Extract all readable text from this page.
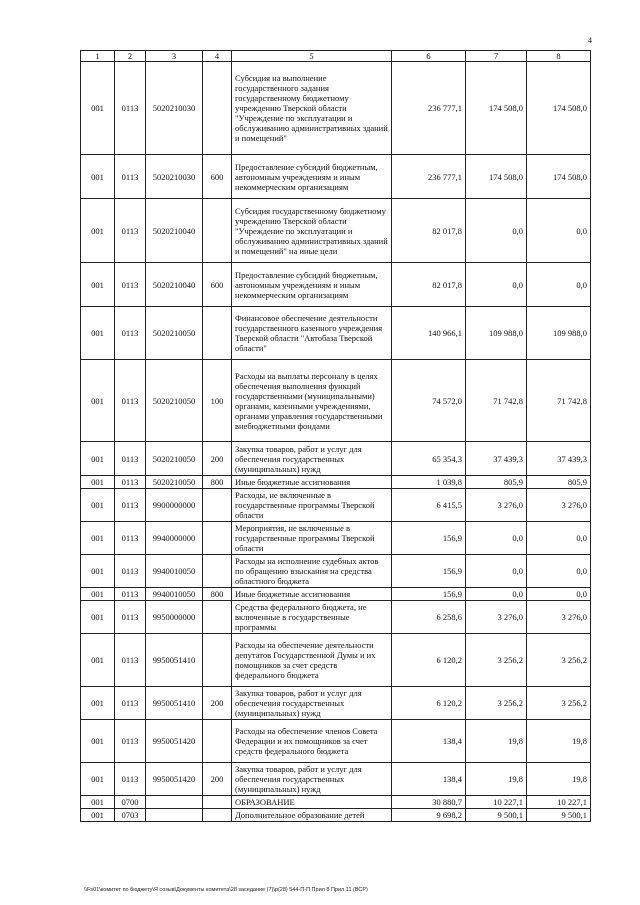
4
1	2	3	4	5	6	7	8
001	0113	5020210030		Субсидия на выполнение государственного задания государственному бюджетному учреждению Тверской области "Учреждение по эксплуатации и обслуживанию административных зданий и помещений"	236 777,1	174 508,0	174 508,0
001	0113	5020210030	600	Предоставление субсидий бюджетным, автономным учреждениям и иным некоммерческим организациям	236 777,1	174 508,0	174 508,0
001	0113	5020210040		Субсидия государственному бюджетному учреждению Тверской области "Учреждение по эксплуатации и обслуживанию административных зданий и помещений" на иные цели	82 017,8	0,0	0,0
001	0113	5020210040	600	Предоставление субсидий бюджетным, автономным учреждениям и иным некоммерческим организациям	82 017,8	0,0	0,0
001	0113	5020210050		Финансовое обеспечение деятельности государственного казенного учреждения Тверской области "Автобаза Тверской области"	140 966,1	109 988,0	109 988,0
001	0113	5020210050	100	Расходы на выплаты персоналу в целях обеспечения выполнения функций государственными (муниципальными) органами, казенными учреждениями, органами управления государственными внебюджетными фондами	74 572,0	71 742,8	71 742,8
001	0113	5020210050	200	Закупка товаров, работ и услуг для обеспечения государственных (муниципальных) нужд	65 354,3	37 439,3	37 439,3
001	0113	5020210050	800	Иные бюджетные ассигнования	1 039,8	805,9	805,9
001	0113	9900000000		Расходы, не включенные в государственные программы Тверской области	6 415,5	3 276,0	3 276,0
001	0113	9940000000		Мероприятия, не включенные в государственные программы Тверской области	156,9	0,0	0,0
001	0113	9940010050		Расходы на исполнение судебных актов по обращению взыскания на средства областного бюджета	156,9	0,0	0,0
001	0113	9940010050	800	Иные бюджетные ассигнования	156,9	0,0	0,0
001	0113	9950000000		Средства федерального бюджета, не включенные в государственные программы	6 258,6	3 276,0	3 276,0
001	0113	9950051410		Расходы на обеспечение деятельности депутатов Государственной Думы и их помощников за счет средств федерального бюджета	6 120,2	3 256,2	3 256,2
001	0113	9950051410	200	Закупка товаров, работ и услуг для обеспечения государственных (муниципальных) нужд	6 120,2	3 256,2	3 256,2
001	0113	9950051420		Расходы на обеспечение членов Совета Федерации и их помощников за счет средств федерального бюджета	138,4	19,8	19,8
001	0113	9950051420	200	Закупка товаров, работ и услуг для обеспечения государственных (муниципальных) нужд	138,4	19,8	19,8
001	0700			ОБРАЗОВАНИЕ	30 880,7	10 227,1	10 227,1
001	0703			Дополнительное образование детей	9 698,2	9 500,1	9 500,1
\\Fs01\комитет по бюджету\Я созыв\Документы комитета\28 заседание (7)\р(28) 544-П-П Прил 8 Прил 11 (ВСР)
